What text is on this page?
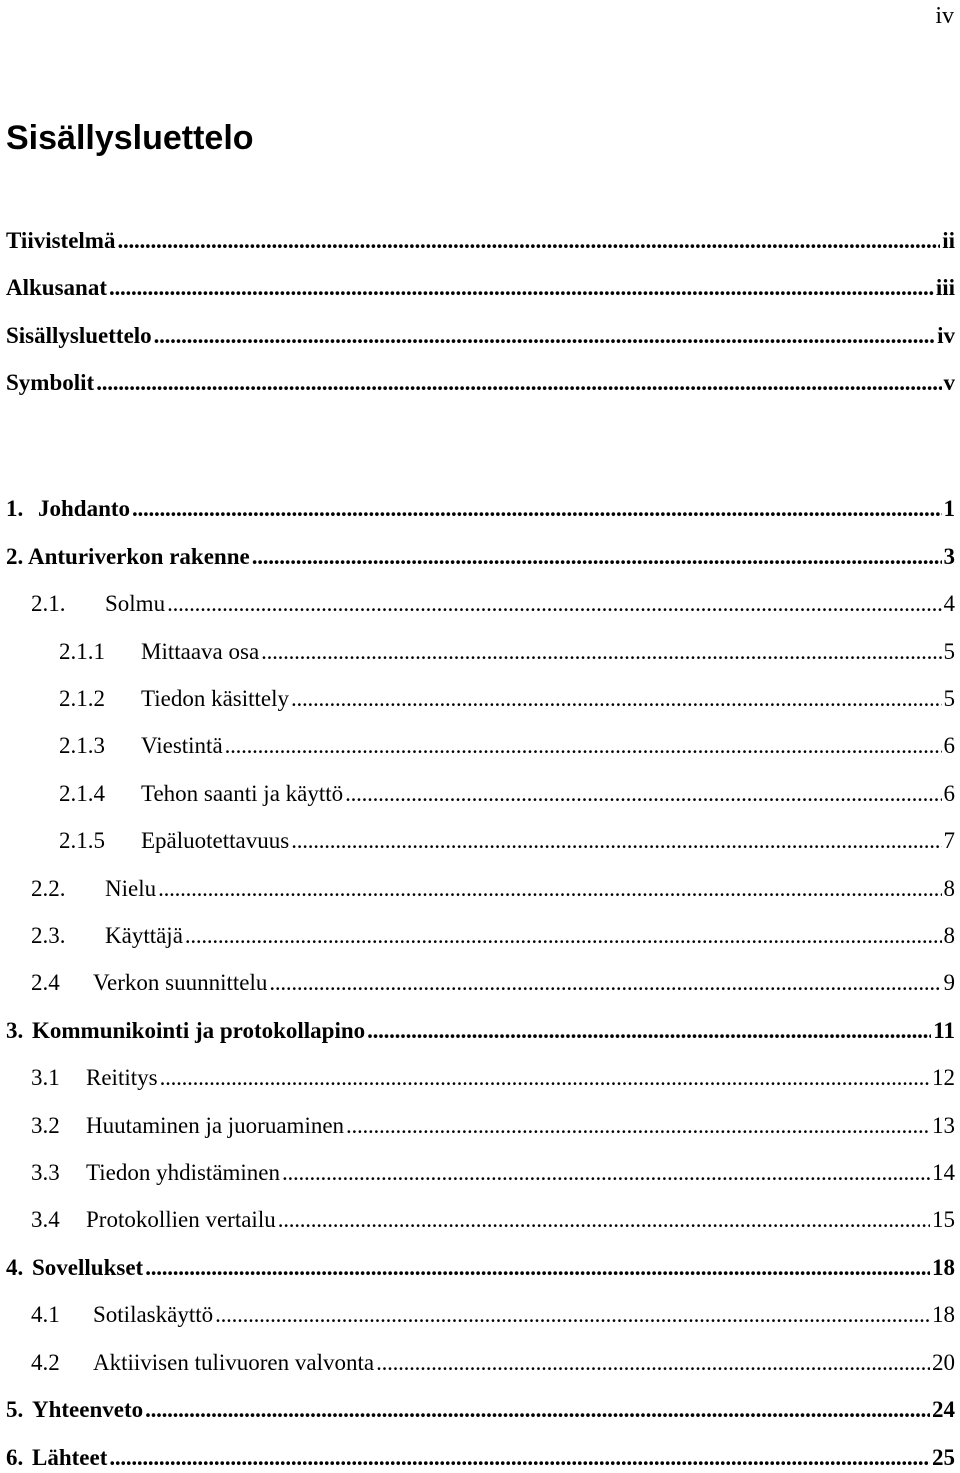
iv
Sisällysluettelo
Tiivistelmä . . .	ii
Alkusanat . . .	iii
Sisällysluettelo . . .	iv
Symbolit . . .	v
1. Johdanto . . .	1
2. Anturiverkon rakenne . . .	3
2.1.	Solmu . . .	4
2.1.1	Mittaava osa . . .	5
2.1.2	Tiedon käsittely . . .	5
2.1.3	Viestintä . . .	6
2.1.4	Tehon saanti ja käyttö . . .	6
2.1.5	Epäluotettavuus . . .	7
2.2.	Nielu . . .	8
2.3.	Käyttäjä . . .	8
2.4	Verkon suunnittelu . . .	9
3. Kommunikointi ja protokollapino . . .	11
3.1	Reititys . . .	12
3.2	Huutaminen ja juoruaminen . . .	13
3.3	Tiedon yhdistäminen . . .	14
3.4	Protokollien vertailu . . .	15
4. Sovellukset . . .	18
4.1	Sotilaskäyttö . . .	18
4.2	Aktiivisen tulivuoren valvonta . . .	20
5. Yhteenveto . . .	24
6. Lähteet . . .	25
